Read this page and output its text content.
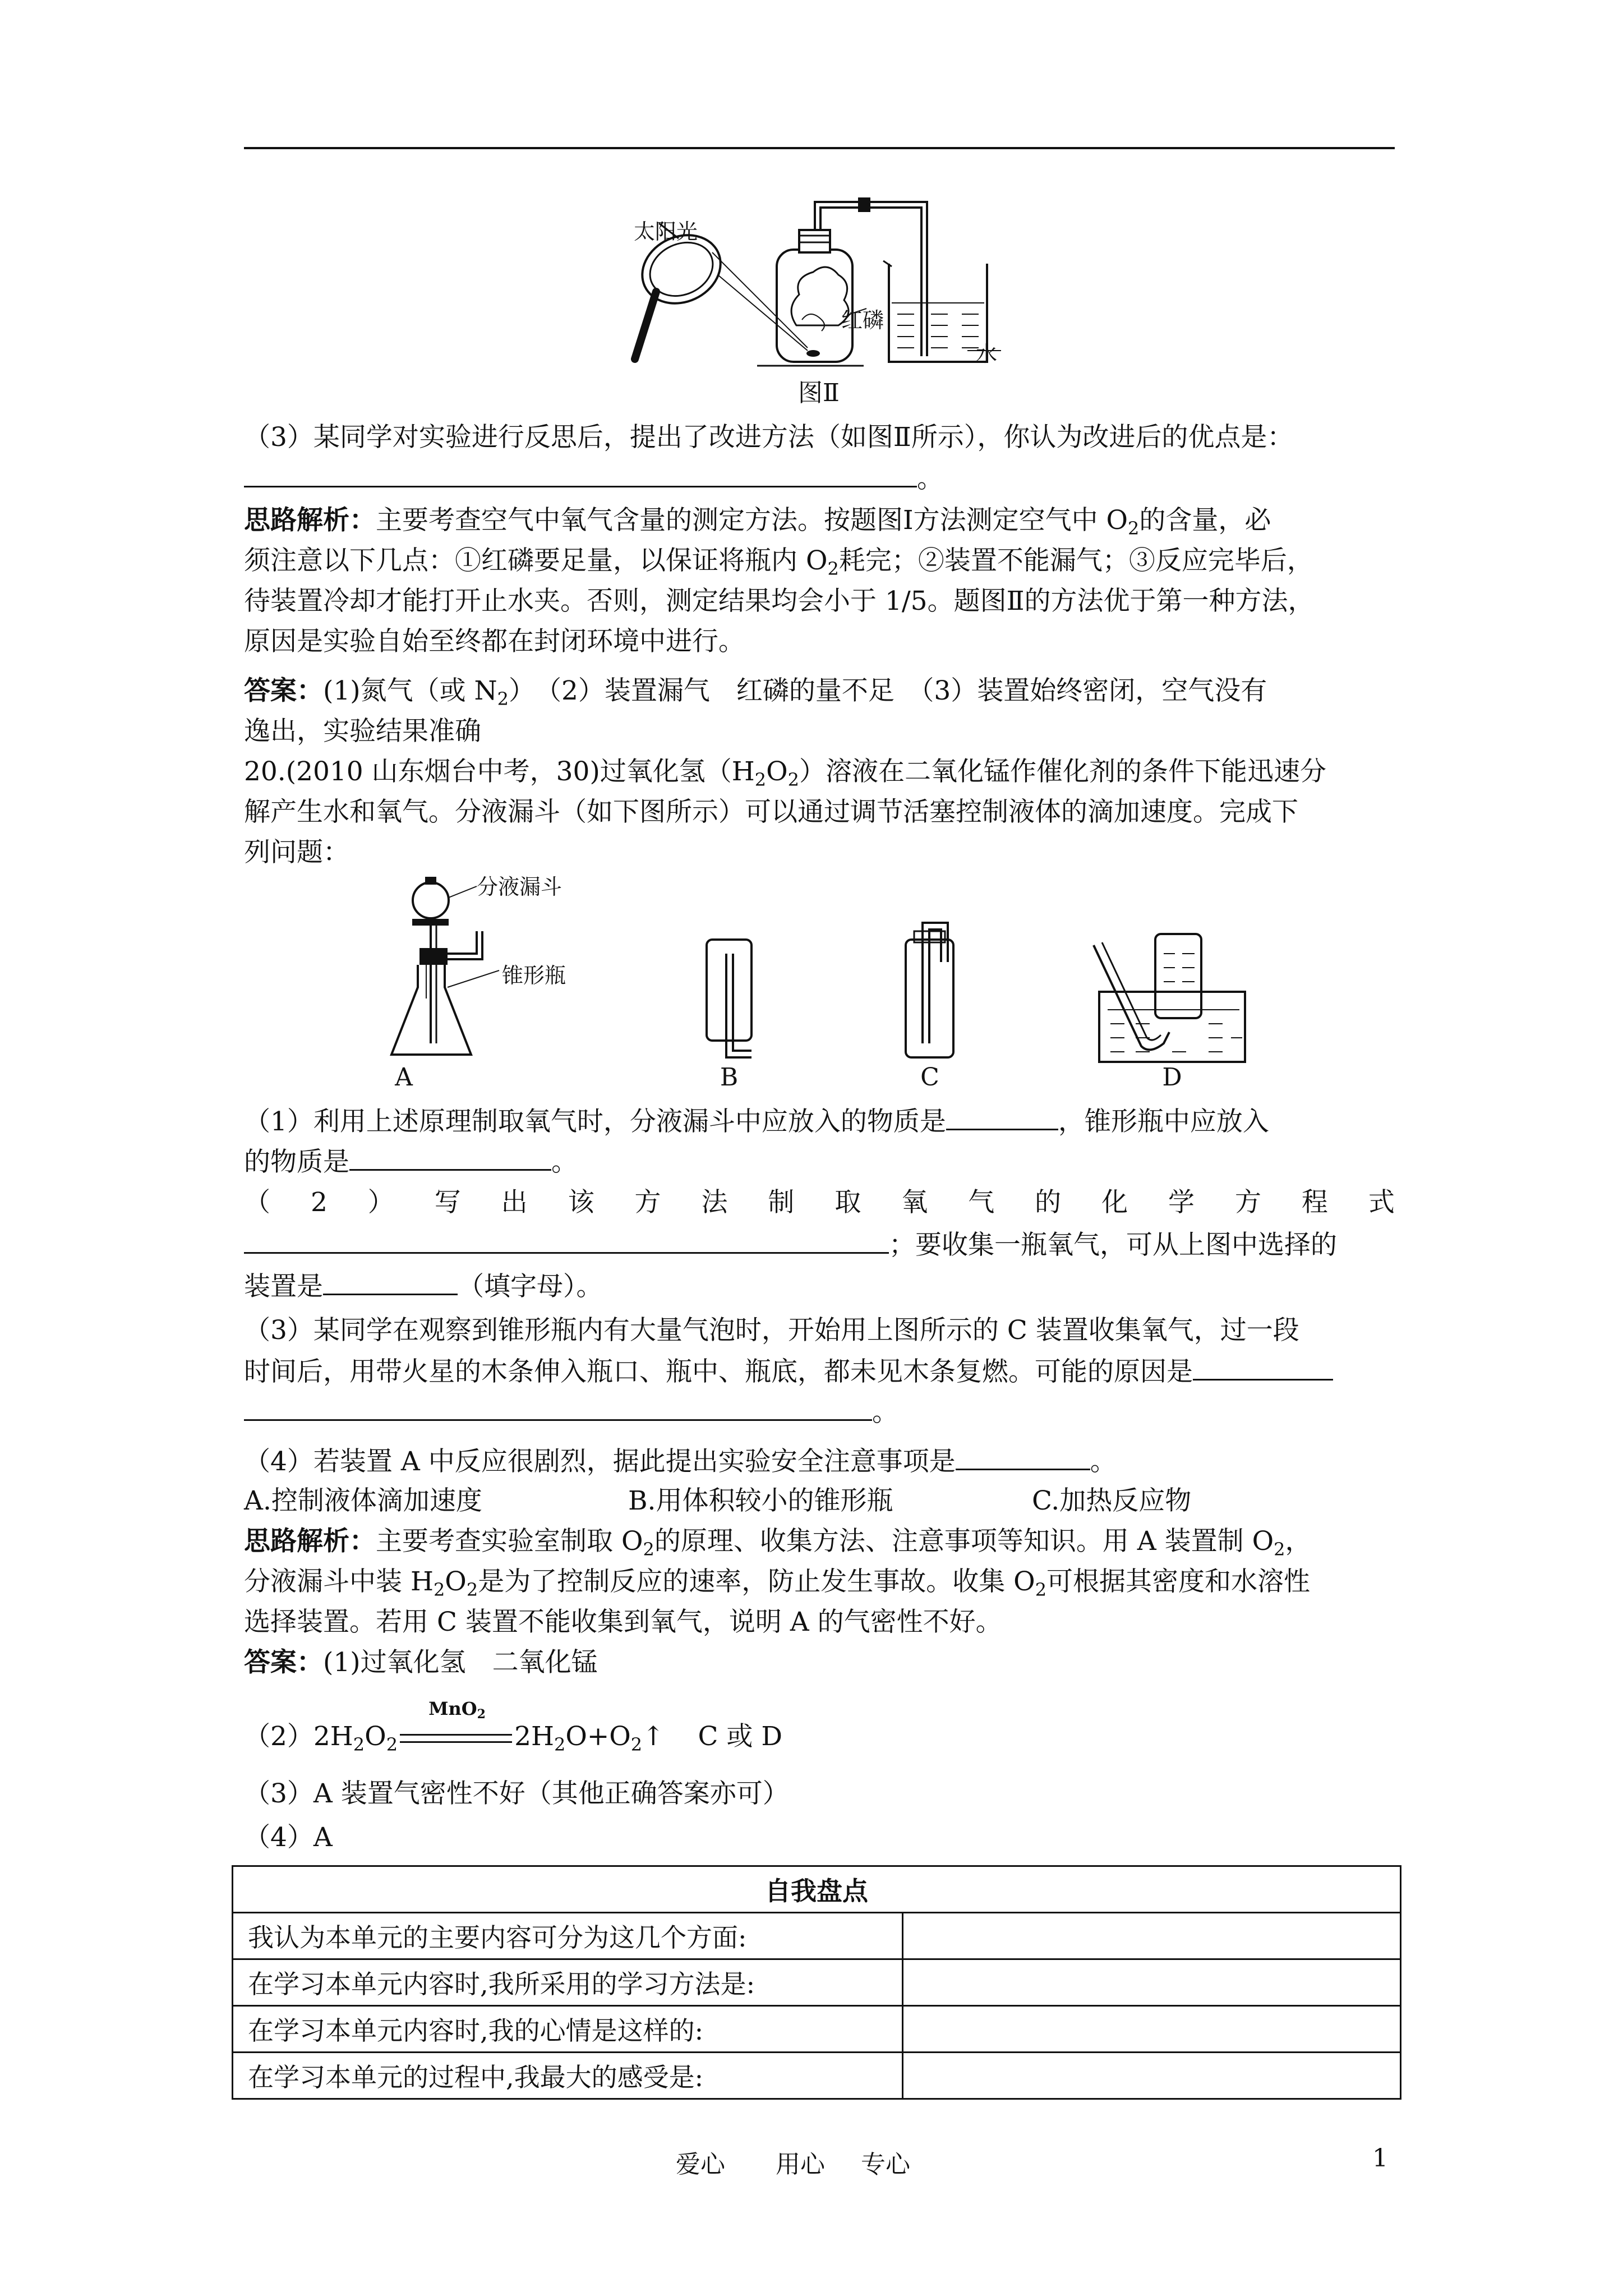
太阳光
红磷
水
图Ⅱ
（3）某同学对实验进行反思后，提出了改进方法（如图Ⅱ所示），你认为改进后的优点是：
。
思路解析：主要考查空气中氧气含量的测定方法。按题图Ⅰ方法测定空气中 $O_2$的含量，必
须注意以下几点：①红磷要足量，以保证将瓶内 $O_2$耗完；②装置不能漏气；③反应完毕后，
待装置冷却才能打开止水夹。否则，测定结果均会小于 1/5。题图Ⅱ的方法优于第一种方法，
原因是实验自始至终都在封闭环境中进行。
答案：(1)氮气（或 $N_2$）　（2）装置漏气　红磷的量不足　（3）装置始终密闭，空气没有
逸出，实验结果准确
20.(2010 山东烟台中考，30)过氧化氢$(H_2O_2)$溶液在二氧化锰作催化剂的条件下能迅速分
解产生水和氧气。分液漏斗（如下图所示）可以通过调节活塞控制液体的滴加速度。完成下
列问题：
分液漏斗
锥形瓶
A	B	C	D
（1）利用上述原理制取氧气时，分液漏斗中应放入的物质是	，锥形瓶中应放入
的物质是	。
（ 2 ） 写 出 该 方 法 制 取 氧 气 的 化 学 方 程 式
；要收集一瓶氧气，可从上图中选择的
装置是	（填字母）。
（3）某同学在观察到锥形瓶内有大量气泡时，开始用上图所示的 C 装置收集氧气，过一段
时间后，用带火星的木条伸入瓶口、瓶中、瓶底，都未见木条复燃。可能的原因是
。
（4）若装置 A 中反应很剧烈，据此提出实验安全注意事项是	。
A.控制液体滴加速度	B.用体积较小的锥形瓶	C.加热反应物
思路解析：主要考查实验室制取 $O_2$的原理、收集方法、注意事项等知识。用 A 装置制 $O_2$，
分液漏斗中装 $H_2O_2$是为了控制反应的速率，防止发生事故。收集 $O_2$可根据其密度和水溶性
选择装置。若用 C 装置不能收集到氧气，说明 A 的气密性不好。
答案：(1)过氧化氢　二氧化锰
$(2)2H_2O_2$
MnO$_2$
$2H_2O+O_2↑$ C 或 D
（3）A 装置气密性不好（其他正确答案亦可）
（4）A
自我盘点	
我认为本单元的主要内容可分为这几个方面:	
在学习本单元内容时,我所采用的学习方法是:	
在学习本单元内容时,我的心情是这样的:	
在学习本单元的过程中,我最大的感受是:	
爱心 用心 专心	1
